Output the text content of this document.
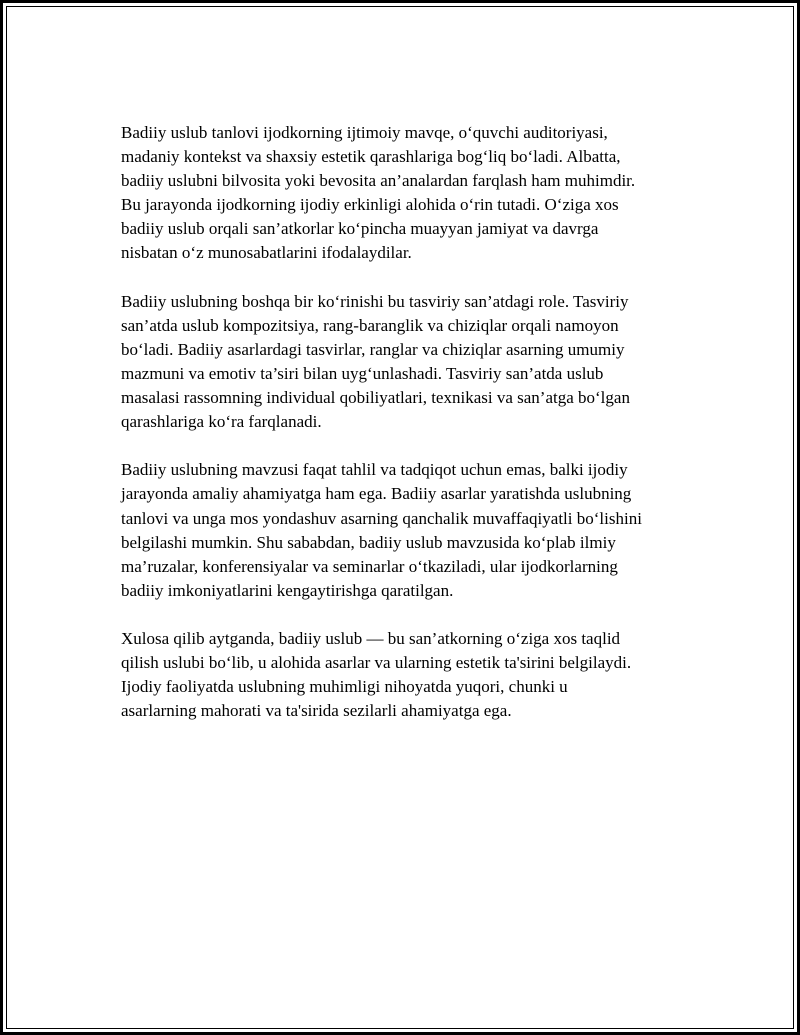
Badiiy uslub tanlovi ijodkorning ijtimoiy mavqe, o‘quvchi auditoriyasi,
madaniy kontekst va shaxsiy estetik qarashlariga bog‘liq bo‘ladi. Albatta,
badiiy uslubni bilvosita yoki bevosita an’analardan farqlash ham muhimdir.
Bu jarayonda ijodkorning ijodiy erkinligi alohida o‘rin tutadi. O‘ziga xos
badiiy uslub orqali san’atkorlar ko‘pincha muayyan jamiyat va davrga
nisbatan o‘z munosabatlarini ifodalaydilar.

Badiiy uslubning boshqa bir ko‘rinishi bu tasviriy san’atdagi role. Tasviriy
san’atda uslub kompozitsiya, rang-baranglik va chiziqlar orqali namoyon
bo‘ladi. Badiiy asarlardagi tasvirlar, ranglar va chiziqlar asarning umumiy
mazmuni va emotiv ta’siri bilan uyg‘unlashadi. Tasviriy san’atda uslub
masalasi rassomning individual qobiliyatlari, texnikasi va san’atga bo‘lgan
qarashlariga ko‘ra farqlanadi.

Badiiy uslubning mavzusi faqat tahlil va tadqiqot uchun emas, balki ijodiy
jarayonda amaliy ahamiyatga ham ega. Badiiy asarlar yaratishda uslubning
tanlovi va unga mos yondashuv asarning qanchalik muvaffaqiyatli bo‘lishini
belgilashi mumkin. Shu sababdan, badiiy uslub mavzusida ko‘plab ilmiy
ma’ruzalar, konferensiyalar va seminarlar o‘tkaziladi, ular ijodkorlarning
badiiy imkoniyatlarini kengaytirishga qaratilgan.

Xulosa qilib aytganda, badiiy uslub — bu san’atkorning o‘ziga xos taqlid
qilish uslubi bo‘lib, u alohida asarlar va ularning estetik ta'sirini belgilaydi.
Ijodiy faoliyatda uslubning muhimligi nihoyatda yuqori, chunki u
asarlarning mahorati va ta'sirida sezilarli ahamiyatga ega.
